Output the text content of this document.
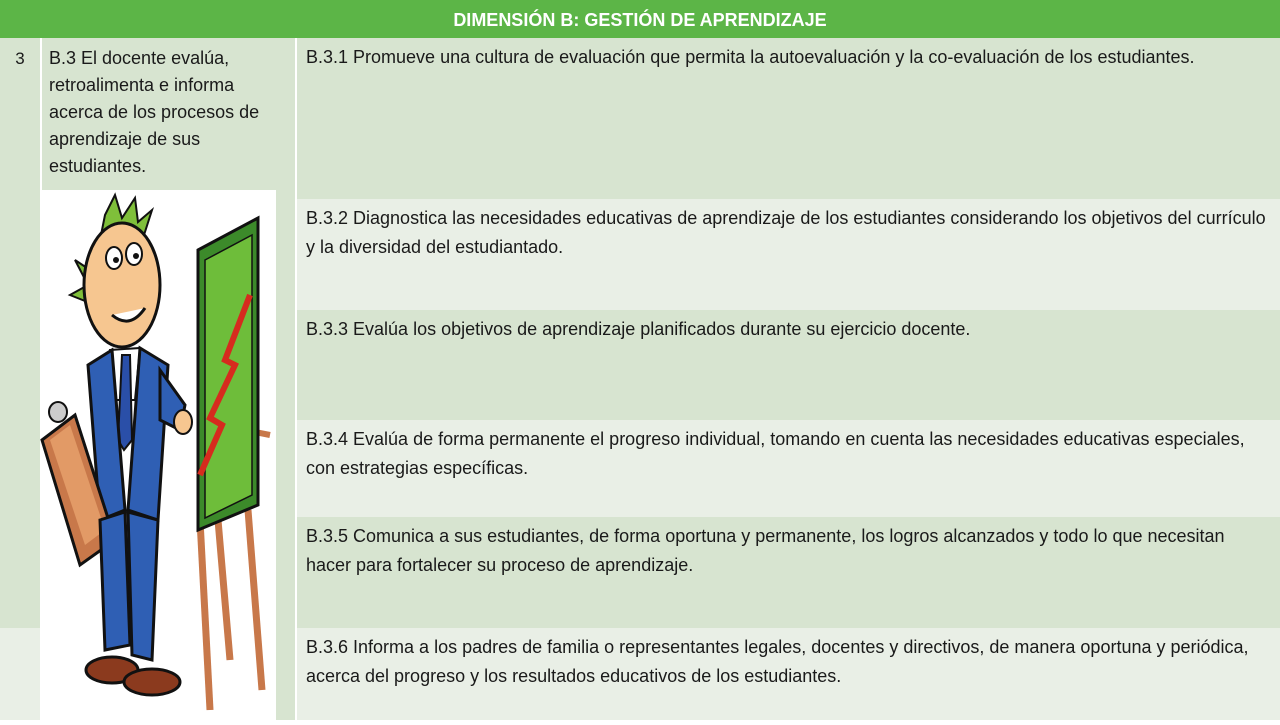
DIMENSIÓN B: GESTIÓN DE APRENDIZAJE
3	B.3 El docente evalúa, retroalimenta e informa acerca de los procesos de aprendizaje de sus estudiantes.
B.3.1 Promueve una cultura de evaluación que permita la autoevaluación y la co-evaluación de los estudiantes.
B.3.2 Diagnostica las necesidades educativas de aprendizaje de los estudiantes considerando los objetivos del currículo y la diversidad del estudiantado.
B.3.3 Evalúa los objetivos de aprendizaje planificados durante su ejercicio docente.
B.3.4 Evalúa de forma permanente el progreso individual, tomando en cuenta las necesidades educativas especiales, con estrategias específicas.
B.3.5 Comunica a sus estudiantes, de forma oportuna y permanente, los logros alcanzados y todo lo que necesitan hacer para fortalecer su proceso de aprendizaje.
B.3.6 Informa a los padres de familia o representantes legales, docentes y directivos, de manera oportuna y periódica, acerca del progreso y los resultados educativos de los estudiantes.
